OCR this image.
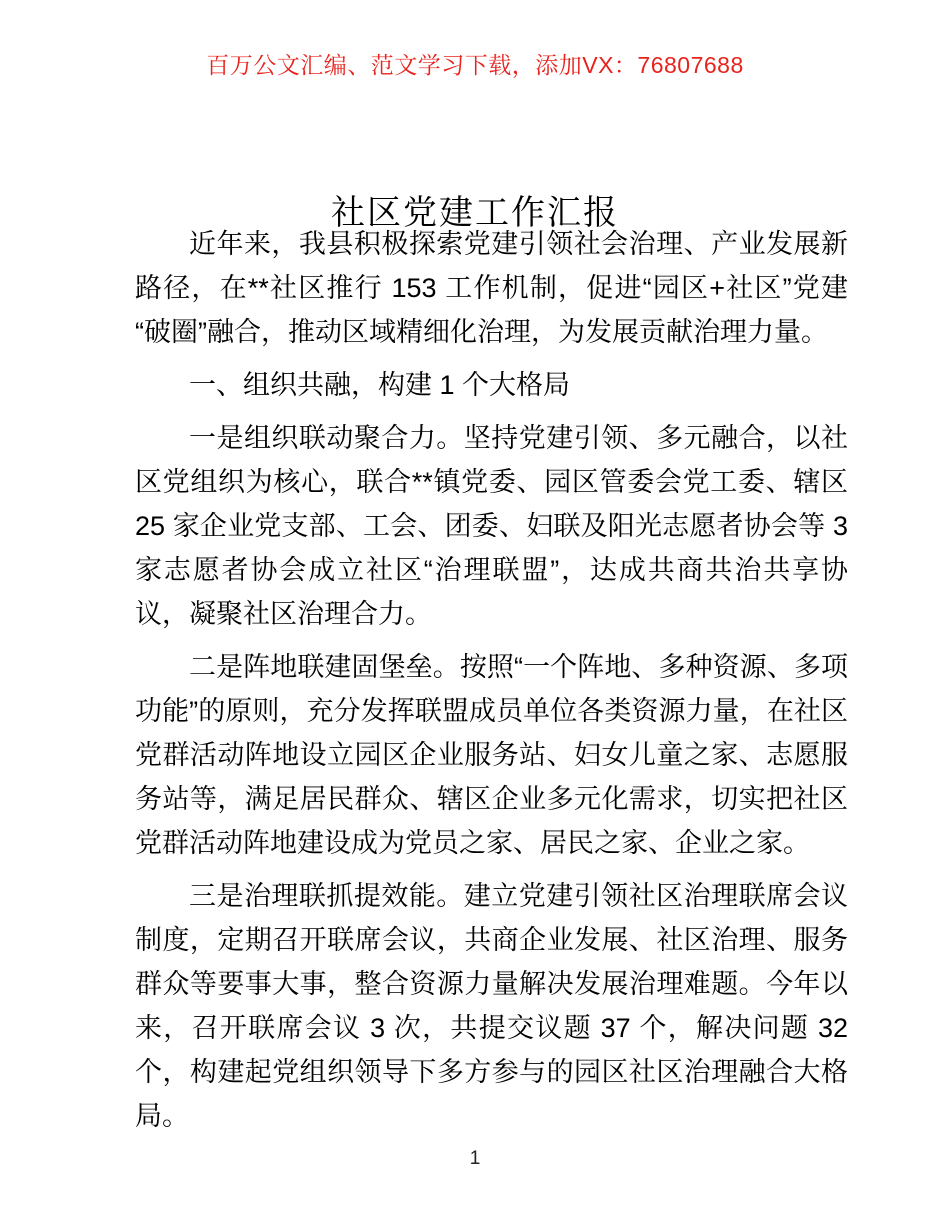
百万公文汇编、范文学习下载，添加VX：76807688
社区党建工作汇报

近年来，我县积极探索党建引领社会治理、产业发展新路径，在**社区推行 153 工作机制，促进“园区+社区”党建“破圈”融合，推动区域精细化治理，为发展贡献治理力量。

一、组织共融，构建 1 个大格局

一是组织联动聚合力。坚持党建引领、多元融合，以社区党组织为核心，联合**镇党委、园区管委会党工委、辖区 25 家企业党支部、工会、团委、妇联及阳光志愿者协会等 3 家志愿者协会成立社区“治理联盟”，达成共商共治共享协议，凝聚社区治理合力。

二是阵地联建固堡垒。按照“一个阵地、多种资源、多项功能”的原则，充分发挥联盟成员单位各类资源力量，在社区党群活动阵地设立园区企业服务站、妇女儿童之家、志愿服务站等，满足居民群众、辖区企业多元化需求，切实把社区党群活动阵地建设成为党员之家、居民之家、企业之家。

三是治理联抓提效能。建立党建引领社区治理联席会议制度，定期召开联席会议，共商企业发展、社区治理、服务群众等要事大事，整合资源力量解决发展治理难题。今年以来，召开联席会议 3 次，共提交议题 37 个，解决问题 32 个，构建起党组织领导下多方参与的园区社区治理融合大格局。

1
